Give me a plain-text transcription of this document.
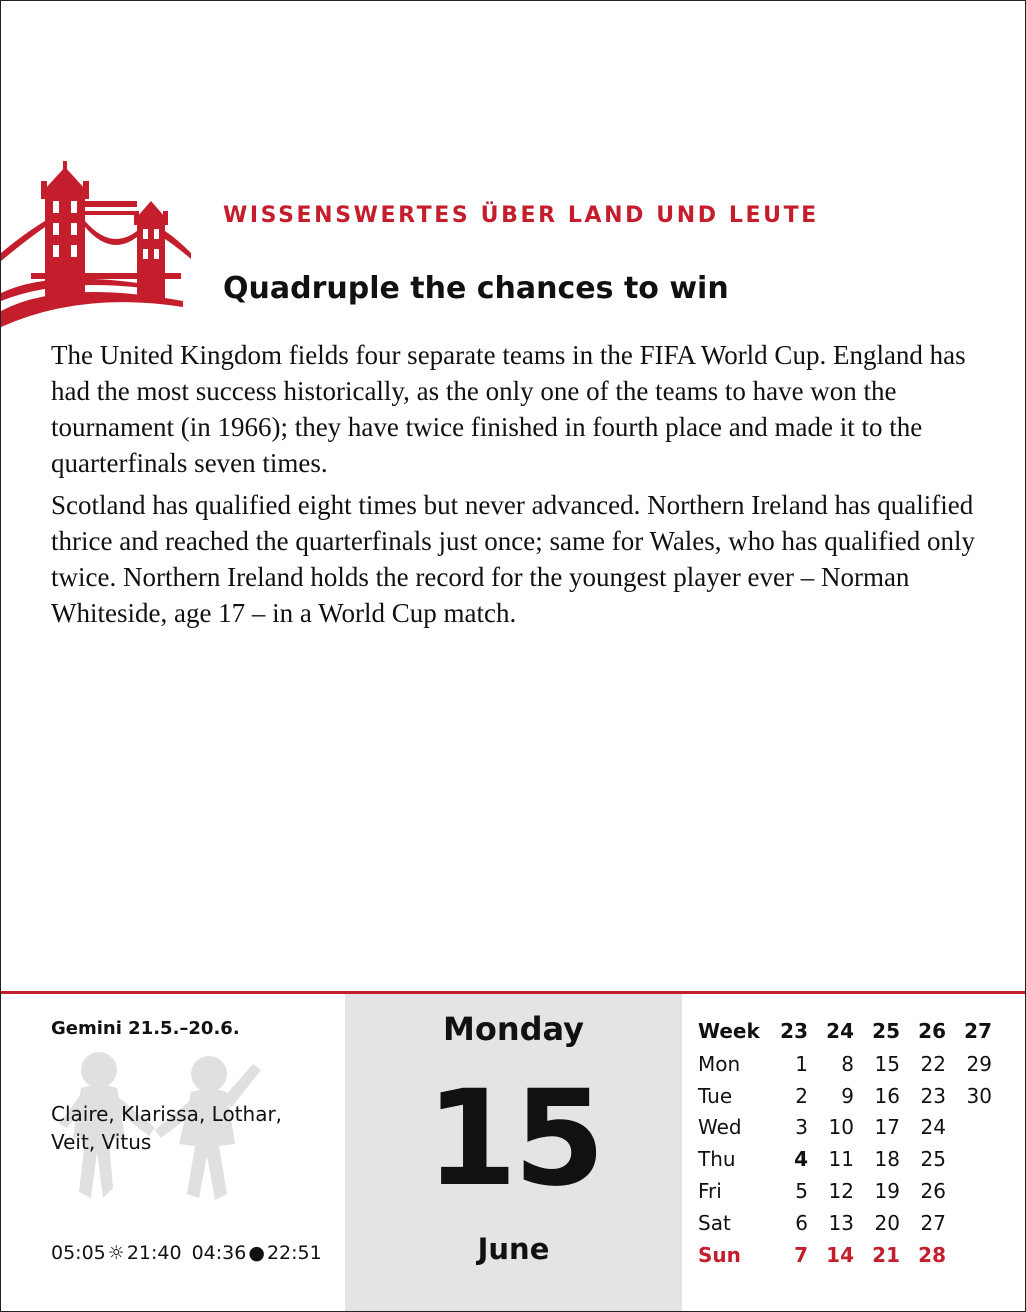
WISSENSWERTES ÜBER LAND UND LEUTE
Quadruple the chances to win

The United Kingdom fields four separate teams in the FIFA World Cup. England has had the most success historically, as the only one of the teams to have won the tournament (in 1966); they have twice finished in fourth place and made it to the quarterfinals seven times.

Scotland has qualified eight times but never advanced. Northern Ireland has qualified thrice and reached the quarterfinals just once; same for Wales, who has qualified only twice. Northern Ireland holds the record for the youngest player ever – Norman Whiteside, age 17 – in a World Cup match.

Gemini 21.5.–20.6.
Claire, Klarissa, Lothar, Veit, Vitus
05:05 ☼ 21:40 04:36 ● 22:51
Monday
15
June
Week	23	24	25	26	27
Mon	1	8	15	22	29
Tue	2	9	16	23	30
Wed	3	10	17	24	
Thu	4	11	18	25	
Fri	5	12	19	26	
Sat	6	13	20	27	
Sun	7	14	21	28	
